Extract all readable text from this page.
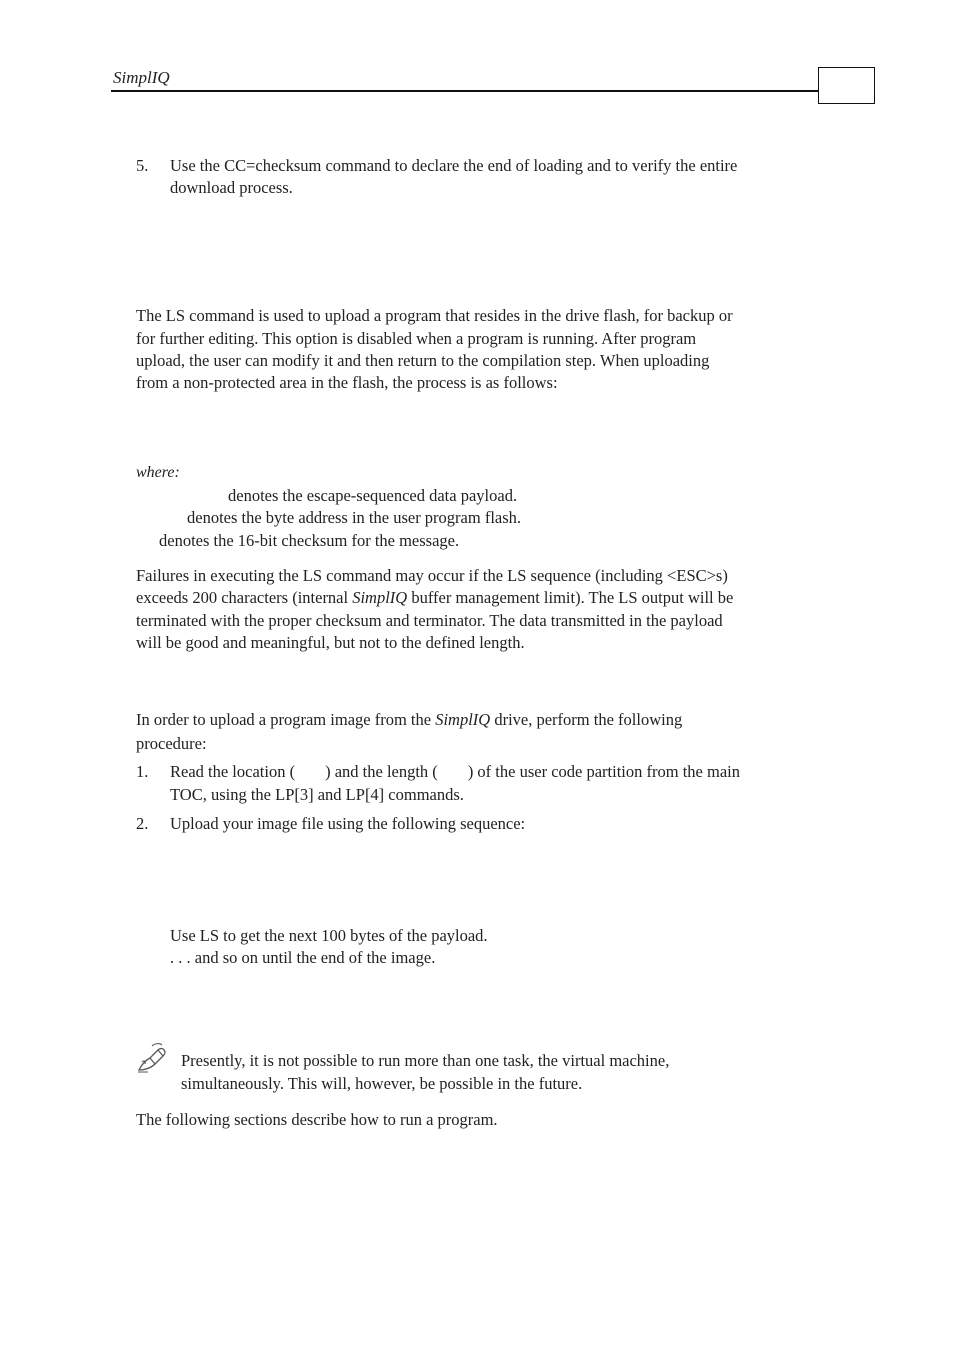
SimplIQ
5. Use the CC=checksum command to declare the end of loading and to verify the entire
download process.
The LS command is used to upload a program that resides in the drive flash, for backup or
for further editing. This option is disabled when a program is running. After program
upload, the user can modify it and then return to the compilation step. When uploading
from a non-protected area in the flash, the process is as follows:
where:
denotes the escape-sequenced data payload.
denotes the byte address in the user program flash.
denotes the 16-bit checksum for the message.
Failures in executing the LS command may occur if the LS sequence (including <ESC>s)
exceeds 200 characters (internal SimplIQ buffer management limit). The LS output will be
terminated with the proper checksum and terminator. The data transmitted in the payload
will be good and meaningful, but not to the defined length.
In order to upload a program image from the SimplIQ drive, perform the following
procedure:
1. Read the location ( ) and the length ( ) of the user code partition from the main
TOC, using the LP[3] and LP[4] commands.
2. Upload your image file using the following sequence:
Use LS to get the next 100 bytes of the payload.
. . . and so on until the end of the image.
Presently, it is not possible to run more than one task, the virtual machine,
simultaneously. This will, however, be possible in the future.
The following sections describe how to run a program.
